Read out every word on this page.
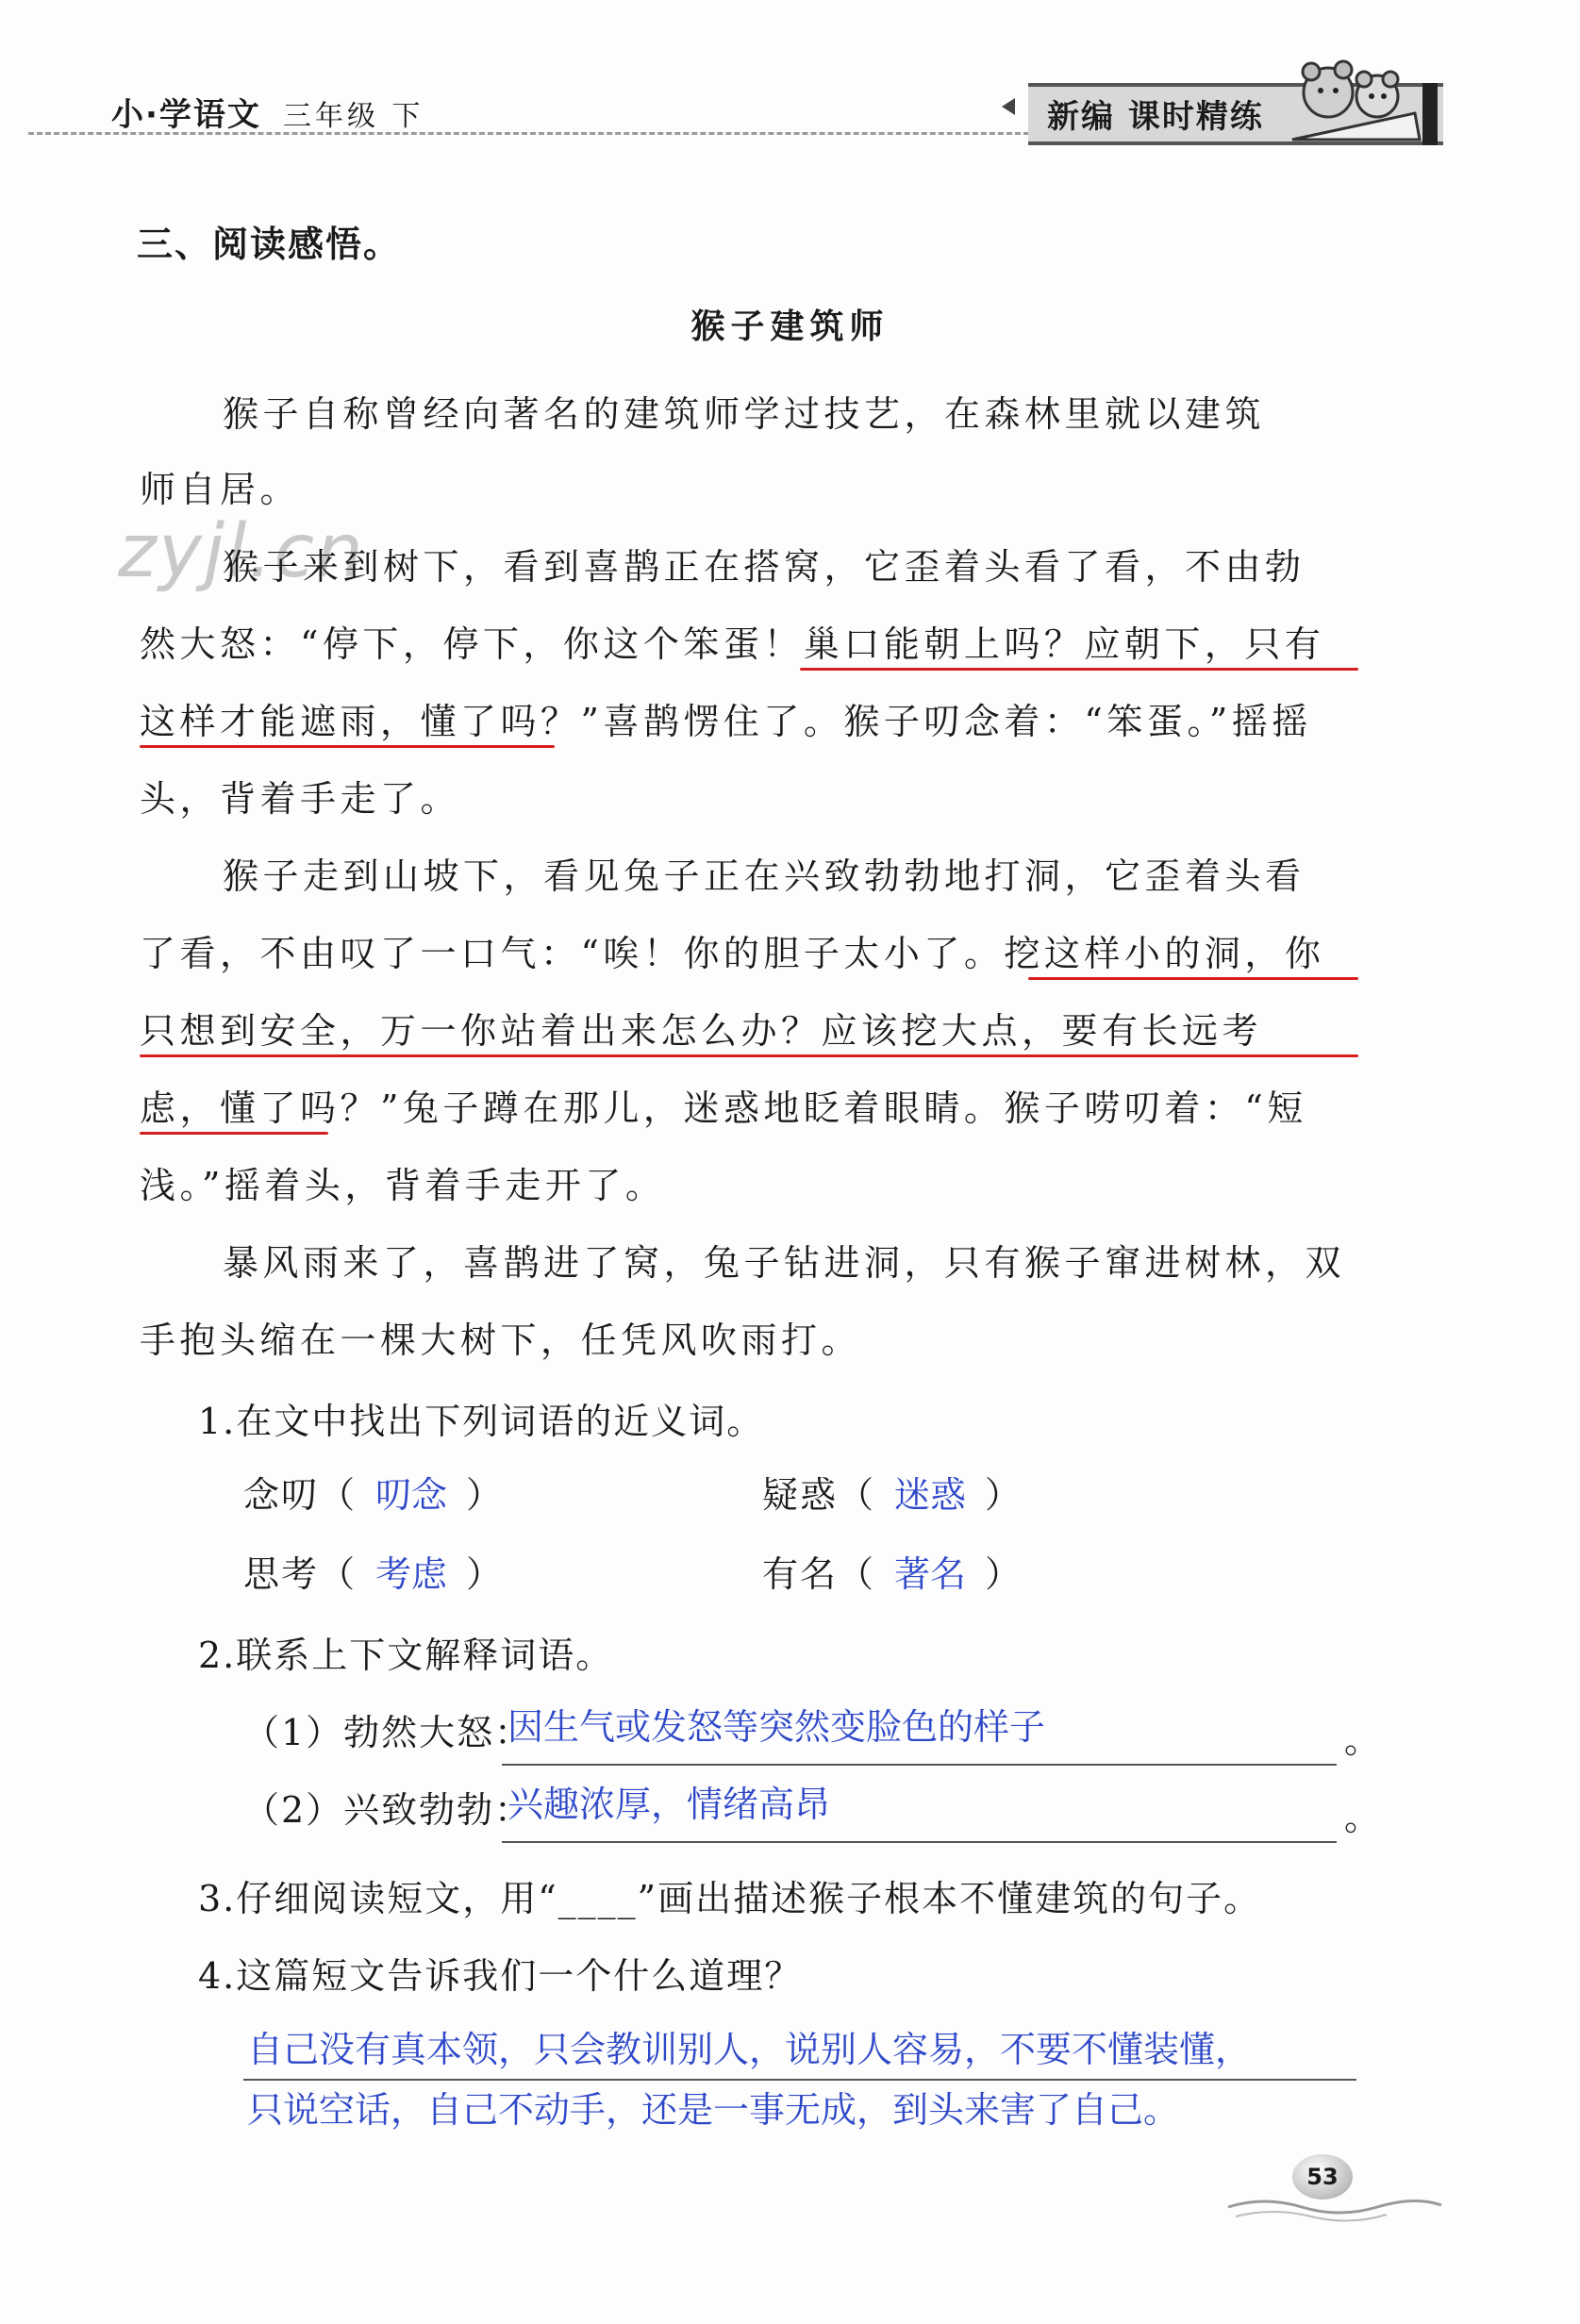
小·学语文 三年级 下	新编 课时精练
三、阅读感悟。
猴子建筑师
zyjl.cn
猴子自称曾经向著名的建筑师学过技艺，在森林里就以建筑
师自居。
猴子来到树下，看到喜鹊正在搭窝，它歪着头看了看，不由勃
然大怒：“停下，停下，你这个笨蛋！巢口能朝上吗？应朝下，只有
这样才能遮雨，懂了吗？”喜鹊愣住了。猴子叨念着：“笨蛋。”摇摇
头，背着手走了。
猴子走到山坡下，看见兔子正在兴致勃勃地打洞，它歪着头看
了看，不由叹了一口气：“唉！你的胆子太小了。挖这样小的洞，你
只想到安全，万一你站着出来怎么办？应该挖大点，要有长远考
虑，懂了吗？”兔子蹲在那儿，迷惑地眨着眼睛。猴子唠叨着：“短
浅。”摇着头，背着手走开了。
暴风雨来了，喜鹊进了窝，兔子钻进洞，只有猴子窜进树林，双
手抱头缩在一棵大树下，任凭风吹雨打。
1.在文中找出下列词语的近义词。
念叨（ 叨念 ）	疑惑（ 迷惑 ）
思考（ 考虑 ）	有名（ 著名 ）
2.联系上下文解释词语。
（1）勃然大怒：
因生气或发怒等突然变脸色的样子	。
（2）兴致勃勃：
兴趣浓厚，情绪高昂	。
3.仔细阅读短文，用“____”画出描述猴子根本不懂建筑的句子。
4.这篇短文告诉我们一个什么道理？
自己没有真本领，只会教训别人，说别人容易，不要不懂装懂，
只说空话，自己不动手，还是一事无成，到头来害了自己。
53
